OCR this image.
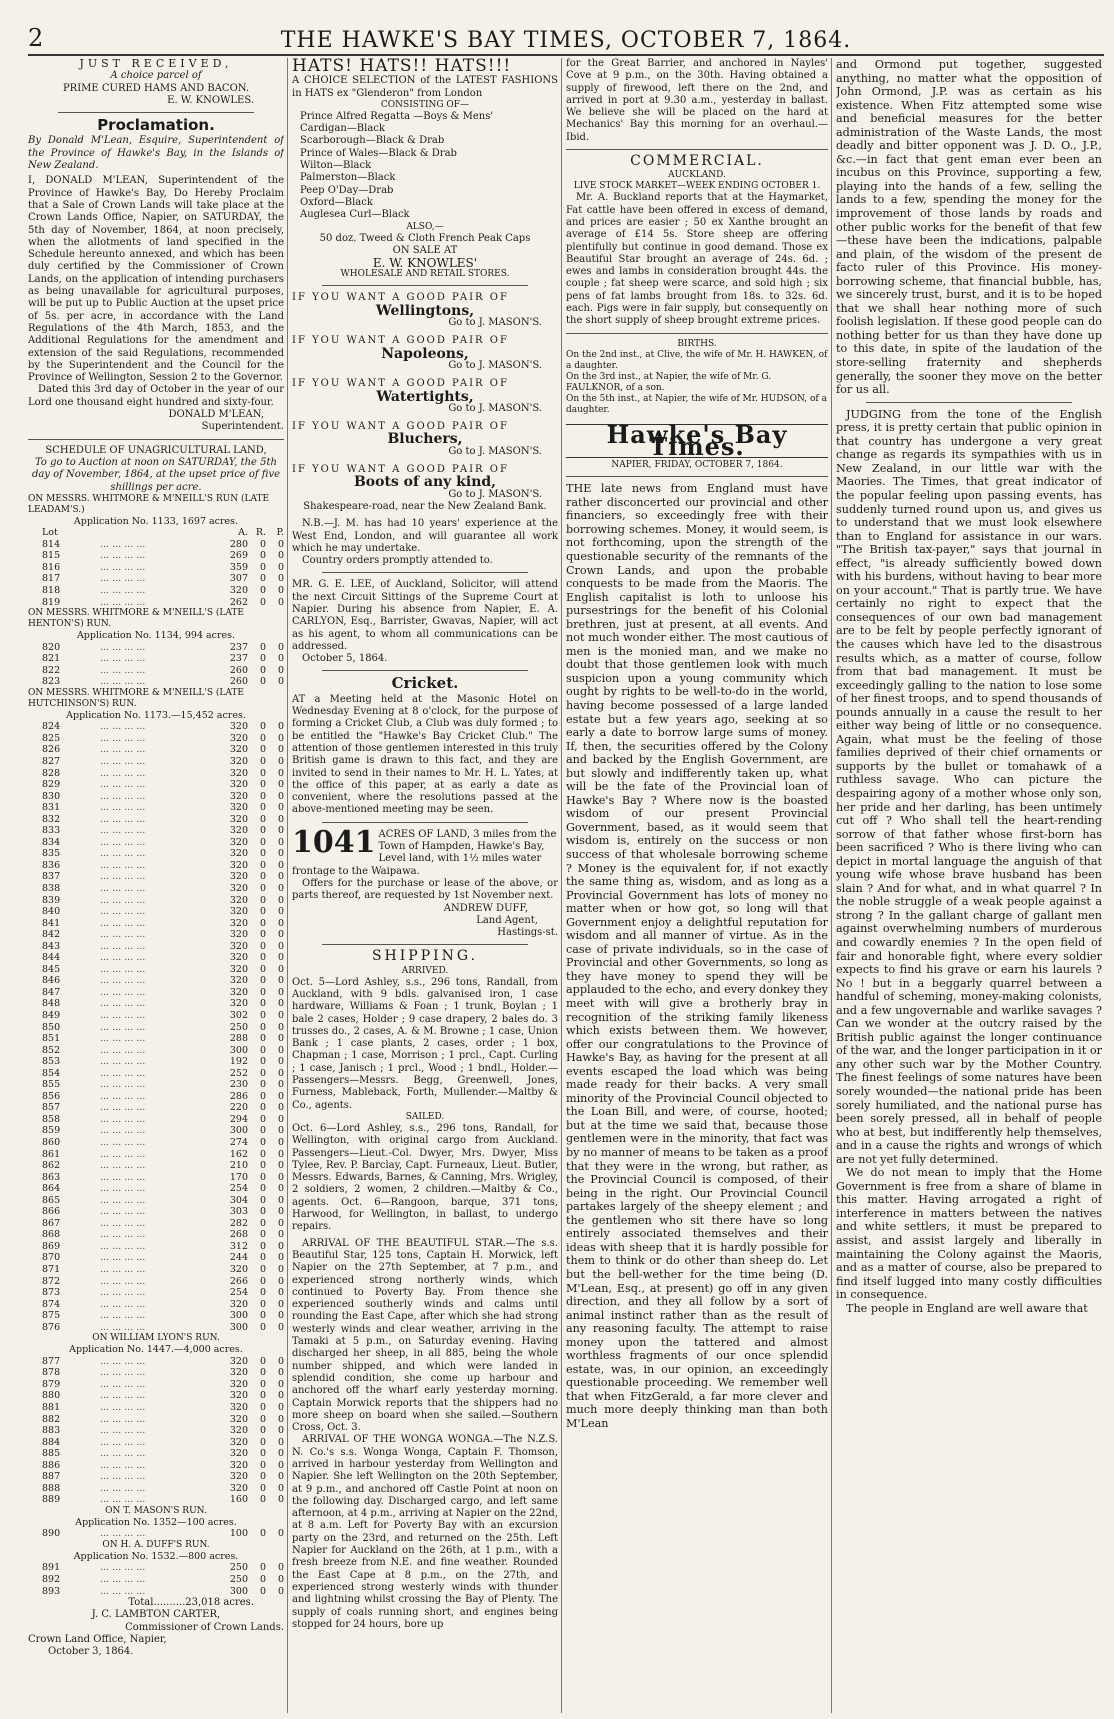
2	THE HAWKE'S BAY TIMES, OCTOBER 7, 1864.
JUST RECEIVED,
A choice parcel of
PRIME CURED HAMS AND BACON.
E. W. KNOWLES.
Proclamation.
By Donald M'Lean, Esquire, Superintendent of the Province of Hawke's Bay, in the Islands of New Zealand.
I, DONALD M'LEAN, Superintendent of the Province of Hawke's Bay, Do Hereby Proclaim that a Sale of Crown Lands will take place at the Crown Lands Office, Napier, on SATURDAY, the 5th day of November, 1864, at noon precisely, when the allotments of land specified in the Schedule hereunto annexed, and which has been duly certified by the Commissioner of Crown Lands, on the application of intending purchasers as being unavailable for agricultural purposes, will be put up to Public Auction at the upset price of 5s. per acre, in accordance with the Land Regulations of the 4th March, 1853, and the Additional Regulations for the amendment and extension of the said Regulations, recommended by the Superintendent and the Council for the Province of Wellington, Session 2 to the Governor.
Dated this 3rd day of October in the year of our Lord one thousand eight hundred and sixty-four.
DONALD M'LEAN,
Superintendent.
SCHEDULE OF UNAGRICULTURAL LAND,
To go to Auction at noon on SATURDAY, the 5th day of November, 1864, at the upset price of five shillings per acre.
ON MESSRS. WHITMORE & M'NEILL'S RUN (LATE LEADAM'S.)
Application No. 1133, 1697 acres.
Lot	A. R.	P.
814	... ... ... ...	280	0	0
815	... ... ... ...	269	0	0
816	... ... ... ...	359	0	0
817	... ... ... ...	307	0	0
818	... ... ... ...	320	0	0
819	... ... ... ...	262	0	0
ON MESSRS. WHITMORE & M'NEILL'S (LATE HENTON'S) RUN.
Application No. 1134, 994 acres.
820	... ... ... ...	237	0	0
821	... ... ... ...	237	0	0
822	... ... ... ...	260	0	0
823	... ... ... ...	260	0	0
ON MESSRS. WHITMORE & M'NEILL'S (LATE HUTCHINSON'S) RUN.
Application No. 1173.—15,452 acres.
824	... ... ... ...	320	0	0
825	... ... ... ...	320	0	0
826	... ... ... ...	320	0	0
827	... ... ... ...	320	0	0
828	... ... ... ...	320	0	0
829	... ... ... ...	320	0	0
830	... ... ... ...	320	0	0
831	... ... ... ...	320	0	0
832	... ... ... ...	320	0	0
833	... ... ... ...	320	0	0
834	... ... ... ...	320	0	0
835	... ... ... ...	320	0	0
836	... ... ... ...	320	0	0
837	... ... ... ...	320	0	0
838	... ... ... ...	320	0	0
839	... ... ... ...	320	0	0
840	... ... ... ...	320	0	0
841	... ... ... ...	320	0	0
842	... ... ... ...	320	0	0
843	... ... ... ...	320	0	0
844	... ... ... ...	320	0	0
845	... ... ... ...	320	0	0
846	... ... ... ...	320	0	0
847	... ... ... ...	320	0	0
848	... ... ... ...	320	0	0
849	... ... ... ...	302	0	0
850	... ... ... ...	250	0	0
851	... ... ... ...	288	0	0
852	... ... ... ...	300	0	0
853	... ... ... ...	192	0	0
854	... ... ... ...	252	0	0
855	... ... ... ...	230	0	0
856	... ... ... ...	286	0	0
857	... ... ... ...	220	0	0
858	... ... ... ...	294	0	0
859	... ... ... ...	300	0	0
860	... ... ... ...	274	0	0
861	... ... ... ...	162	0	0
862	... ... ... ...	210	0	0
863	... ... ... ...	170	0	0
864	... ... ... ...	254	0	0
865	... ... ... ...	304	0	0
866	... ... ... ...	303	0	0
867	... ... ... ...	282	0	0
868	... ... ... ...	268	0	0
869	... ... ... ...	312	0	0
870	... ... ... ...	244	0	0
871	... ... ... ...	320	0	0
872	... ... ... ...	266	0	0
873	... ... ... ...	254	0	0
874	... ... ... ...	320	0	0
875	... ... ... ...	300	0	0
876	... ... ... ...	300	0	0
ON WILLIAM LYON'S RUN.
Application No. 1447.—4,000 acres.
877	... ... ... ...	320	0	0
878	... ... ... ...	320	0	0
879	... ... ... ...	320	0	0
880	... ... ... ...	320	0	0
881	... ... ... ...	320	0	0
882	... ... ... ...	320	0	0
883	... ... ... ...	320	0	0
884	... ... ... ...	320	0	0
885	... ... ... ...	320	0	0
886	... ... ... ...	320	0	0
887	... ... ... ...	320	0	0
888	... ... ... ...	320	0	0
889	... ... ... ...	160	0	0
ON T. MASON'S RUN.
Application No. 1352—100 acres.
890	... ... ... ...	100	0	0
ON H. A. DUFF'S RUN.
Application No. 1532.—800 acres.
891	... ... ... ...	250	0	0
892	... ... ... ...	250	0	0
893	... ... ... ...	300	0	0
Total..........23,018 acres.
J. C. LAMBTON CARTER,
Commissioner of Crown Lands.
Crown Land Office, Napier,
October 3, 1864.
HATS! HATS!! HATS!!!
A CHOICE SELECTION of the LATEST FASHIONS in HATS ex "Glenderon" from London
CONSISTING OF—
Prince Alfred Regatta —Boys & Mens'
Cardigan—Black
Scarborough—Black & Drab
Prince of Wales—Black & Drab
Wilton—Black
Palmerston—Black
Peep O'Day—Drab
Oxford—Black
Auglesea Curl—Black
ALSO,—
50 doz. Tweed & Cloth French Peak Caps
ON SALE AT
E. W. KNOWLES'
WHOLESALE AND RETAIL STORES.
IF YOU WANT A GOOD PAIR OF
Wellingtons,
Go to J. MASON'S.
IF YOU WANT A GOOD PAIR OF
Napoleons,
Go to J. MASON'S.
IF YOU WANT A GOOD PAIR OF
Watertights,
Go to J. MASON'S.
IF YOU WANT A GOOD PAIR OF
Bluchers,
Go to J. MASON'S.
IF YOU WANT A GOOD PAIR OF
Boots of any kind,
Go to J. MASON'S.
Shakespeare-road, near the New Zealand Bank.
N.B.—J. M. has had 10 years' experience at the West End, London, and will guarantee all work which he may undertake.
Country orders promptly attended to.
MR. G. E. LEE, of Auckland, Solicitor, will attend the next Circuit Sittings of the Supreme Court at Napier. During his absence from Napier, E. A. CARLYON, Esq., Barrister, Gwavas, Napier, will act as his agent, to whom all communications can be addressed.
October 5, 1864.
Cricket.
AT a Meeting held at the Masonic Hotel on Wednesday Evening at 8 o'clock, for the purpose of forming a Cricket Club, a Club was duly formed ; to be entitled the "Hawke's Bay Cricket Club." The attention of those gentlemen interested in this truly British game is drawn to this fact, and they are invited to send in their names to Mr. H. L. Yates, at the office of this paper, at as early a date as convenient, where the resolutions passed at the above-mentioned meeting may be seen.
1041 ACRES OF LAND, 3 miles from the Town of Hampden, Hawke's Bay, Level land, with 1½ miles water frontage to the Waipawa.
Offers for the purchase or lease of the above, or parts thereof, are requested by 1st November next.
ANDREW DUFF,
Land Agent,
Hastings-st.
SHIPPING.
ARRIVED.
Oct. 5—Lord Ashley, s.s., 296 tons, Randall, from Auckland, with 9 bdls. galvanised iron, 1 case hardware, Williams & Foan ; 1 trunk, Boylan ; 1 bale 2 cases, Holder ; 9 case drapery, 2 bales do. 3 trusses do., 2 cases, A. & M. Browne ; 1 case, Union Bank ; 1 case plants, 2 cases, order ; 1 box, Chapman ; 1 case, Morrison ; 1 prcl., Capt. Curling ; 1 case, Janisch ; 1 prcl., Wood ; 1 bndl., Holder.—Passengers—Messrs. Begg, Greenwell, Jones, Furness, Mableback, Forth, Mullender.—Maltby & Co., agents.
SAILED.
Oct. 6—Lord Ashley, s.s., 296 tons, Randall, for Wellington, with original cargo from Auckland. Passengers—Lieut.-Col. Dwyer, Mrs. Dwyer, Miss Tylee, Rev. P. Barclay, Capt. Furneaux, Lieut. Butler, Messrs. Edwards, Barnes, & Canning, Mrs. Wrigley, 2 soldiers, 2 women, 2 children.—Maltby & Co., agents. Oct. 6—Rangoon, barque, 371 tons, Harwood, for Wellington, in ballast, to undergo repairs.
ARRIVAL OF THE BEAUTIFUL STAR.—The s.s. Beautiful Star, 125 tons, Captain H. Morwick, left Napier on the 27th September, at 7 p.m., and experienced strong northerly winds, which continued to Poverty Bay. From thence she experienced southerly winds and calms until rounding the East Cape, after which she had strong westerly winds and clear weather, arriving in the Tamaki at 5 p.m., on Saturday evening. Having discharged her sheep, in all 885, being the whole number shipped, and which were landed in splendid condition, she come up harbour and anchored off the wharf early yesterday morning. Captain Morwick reports that the shippers had no more sheep on board when she sailed.—Southern Cross, Oct. 3.
ARRIVAL OF THE WONGA WONGA.—The N.Z.S. N. Co.'s s.s. Wonga Wonga, Captain F. Thomson, arrived in harbour yesterday from Wellington and Napier. She left Wellington on the 20th September, at 9 p.m., and anchored off Castle Point at noon on the following day. Discharged cargo, and left same afternoon, at 4 p.m., arriving at Napier on the 22nd, at 8 a.m. Left for Poverty Bay with an excursion party on the 23rd, and returned on the 25th. Left Napier for Auckland on the 26th, at 1 p.m., with a fresh breeze from N.E. and fine weather. Rounded the East Cape at 8 p.m., on the 27th, and experienced strong westerly winds with thunder and lightning whilst crossing the Bay of Plenty. The supply of coals running short, and engines being stopped for 24 hours, bore up
for the Great Barrier, and anchored in Nayles' Cove at 9 p.m., on the 30th. Having obtained a supply of firewood, left there on the 2nd, and arrived in port at 9.30 a.m., yesterday in ballast. We believe she will be placed on the hard at Mechanics' Bay this morning for an overhaul.—Ibid.
COMMERCIAL.
AUCKLAND.
LIVE STOCK MARKET—WEEK ENDING OCTOBER 1.
Mr. A. Buckland reports that at the Haymarket, Fat cattle have been offered in excess of demand, and prices are easier ; 50 ex Xanthe brought an average of £14 5s. Store sheep are offering plentifully but continue in good demand. Those ex Beautiful Star brought an average of 24s. 6d. ; ewes and lambs in consideration brought 44s. the couple ; fat sheep were scarce, and sold high ; six pens of fat lambs brought from 18s. to 32s. 6d. each. Pigs were in fair supply, but consequently on the short supply of sheep brought extreme prices.
BIRTHS.
On the 2nd inst., at Clive, the wife of Mr. H. HAWKEN, of a daughter.
On the 3rd inst., at Napier, the wife of Mr. G. FAULKNOR, of a son.
On the 5th inst., at Napier, the wife of Mr. HUDSON, of a daughter.
Hawke's Bay Times.
NAPIER, FRIDAY, OCTOBER 7, 1864.

THE late news from England must have rather disconcerted our provincial and other financiers, so exceedingly free with their borrowing schemes. Money, it would seem, is not forthcoming, upon the strength of the questionable security of the remnants of the Crown Lands, and upon the probable conquests to be made from the Maoris. The English capitalist is loth to unloose his pursestrings for the benefit of his Colonial brethren, just at present, at all events. And not much wonder either. The most cautious of men is the monied man, and we make no doubt that those gentlemen look with much suspicion upon a young community which ought by rights to be well-to-do in the world, having become possessed of a large landed estate but a few years ago, seeking at so early a date to borrow large sums of money. If, then, the securities offered by the Colony and backed by the English Government, are but slowly and indifferently taken up, what will be the fate of the Provincial loan of Hawke's Bay ? Where now is the boasted wisdom of our present Provincial Government, based, as it would seem that wisdom is, entirely on the success or non success of that wholesale borrowing scheme ? Money is the equivalent for, if not exactly the same thing as, wisdom, and as long as a Provincial Government has lots of money no matter when or how got, so long will that Government enjoy a delightful reputation for wisdom and all manner of virtue. As in the case of private individuals, so in the case of Provincial and other Governments, so long as they have money to spend they will be applauded to the echo, and every donkey they meet with will give a brotherly bray in recognition of the striking family likeness which exists between them. We however, offer our congratulations to the Province of Hawke's Bay, as having for the present at all events escaped the load which was being made ready for their backs. A very small minority of the Provincial Council objected to the Loan Bill, and were, of course, hooted; but at the time we said that, because those gentlemen were in the minority, that fact was by no manner of means to be taken as a proof that they were in the wrong, but rather, as the Provincial Council is composed, of their being in the right. Our Provincial Council partakes largely of the sheepy element ; and the gentlemen who sit there have so long entirely associated themselves and their ideas with sheep that it is hardly possible for them to think or do other than sheep do. Let but the bell-wether for the time being (D. M'Lean, Esq., at present) go off in any given direction, and they all follow by a sort of animal instinct rather than as the result of any reasoning faculty. The attempt to raise money upon the tattered and almost worthless fragments of our once splendid estate, was, in our opinion, an exceedingly questionable proceeding. We remember well that when FitzGerald, a far more clever and much more deeply thinking man than both M'Lean

and Ormond put together, suggested anything, no matter what the opposition of John Ormond, J.P. was as certain as his existence. When Fitz attempted some wise and beneficial measures for the better administration of the Waste Lands, the most deadly and bitter opponent was J. D. O., J.P., &c.—in fact that gent eman ever been an incubus on this Province, supporting a few, playing into the hands of a few, selling the lands to a few, spending the money for the improvement of those lands by roads and other public works for the benefit of that few—these have been the indications, palpable and plain, of the wisdom of the present de facto ruler of this Province. His money-borrowing scheme, that financial bubble, has, we sincerely trust, burst, and it is to be hoped that we shall hear nothing more of such foolish legislation. If these good people can do nothing better for us than they have done up to this date, in spite of the laudation of the store-selling fraternity and shepherds generally, the sooner they move on the better for us all.

JUDGING from the tone of the English press, it is pretty certain that public opinion in that country has undergone a very great change as regards its sympathies with us in New Zealand, in our little war with the Maories. The Times, that great indicator of the popular feeling upon passing events, has suddenly turned round upon us, and gives us to understand that we must look elsewhere than to England for assistance in our wars. "The British tax-payer," says that journal in effect, "is already sufficiently bowed down with his burdens, without having to bear more on your account." That is partly true. We have certainly no right to expect that the consequences of our own bad management are to be felt by people perfectly ignorant of the causes which have led to the disastrous results which, as a matter of course, follow from that bad management. It must be exceedingly galling to the nation to lose some of her finest troops, and to spend thousands of pounds annually in a cause the result to her either way being of little or no consequence. Again, what must be the feeling of those families deprived of their chief ornaments or supports by the bullet or tomahawk of a ruthless savage. Who can picture the despairing agony of a mother whose only son, her pride and her darling, has been untimely cut off ? Who shall tell the heart-rending sorrow of that father whose first-born has been sacrificed ? Who is there living who can depict in mortal language the anguish of that young wife whose brave husband has been slain ? And for what, and in what quarrel ? In the noble struggle of a weak people against a strong ? In the gallant charge of gallant men against overwhelming numbers of murderous and cowardly enemies ? In the open field of fair and honorable fight, where every soldier expects to find his grave or earn his laurels ? No ! but in a beggarly quarrel between a handful of scheming, money-making colonists, and a few ungovernable and warlike savages ? Can we wonder at the outcry raised by the British public against the longer continuance of the war, and the longer participation in it or any other such war by the Mother Country. The finest feelings of some natures have been sorely wounded—the national pride has been sorely humiliated, and the national purse has been sorely pressed, all in behalf of people who at best, but indifferently help themselves, and in a cause the rights and wrongs of which are not yet fully determined.

We do not mean to imply that the Home Government is free from a share of blame in this matter. Having arrogated a right of interference in matters between the natives and white settlers, it must be prepared to assist, and assist largely and liberally in maintaining the Colony against the Maoris, and as a matter of course, also be prepared to find itself lugged into many costly difficulties in consequence.

The people in England are well aware that
